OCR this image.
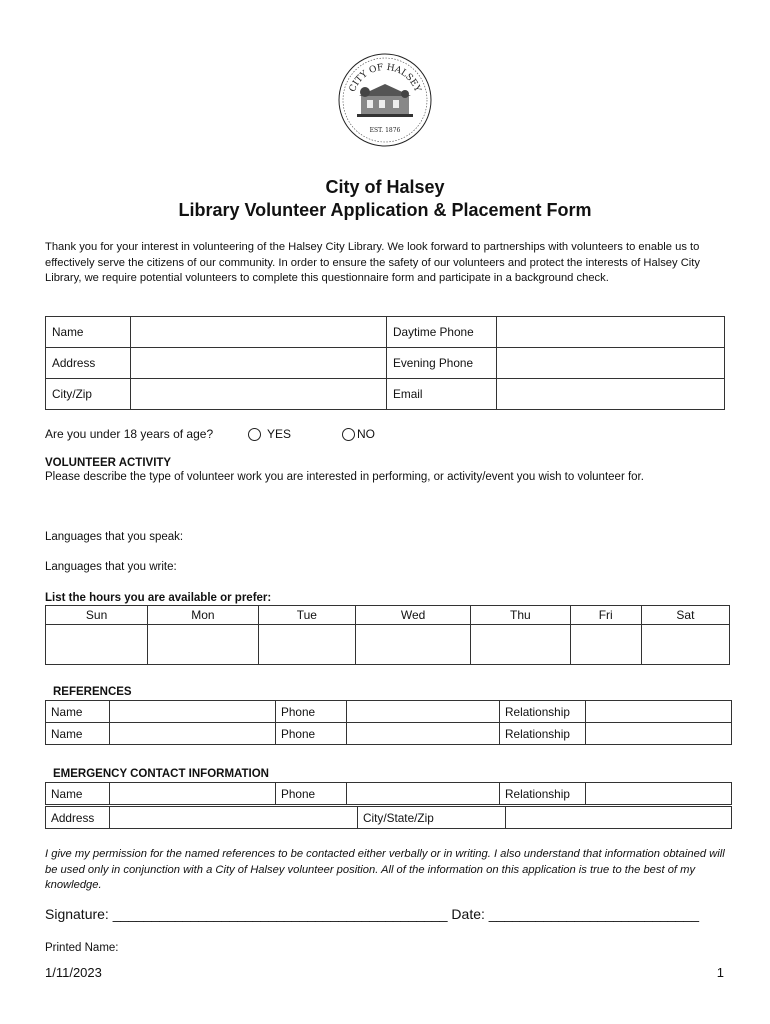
CITY OF HALSEY
EST. 1876
City of Halsey
Library Volunteer Application & Placement Form
Thank you for your interest in volunteering of the Halsey City Library. We look forward to partnerships with volunteers to enable us to effectively serve the citizens of our community. In order to ensure the safety of our volunteers and protect the interests of Halsey City Library, we require potential volunteers to complete this questionnaire form and participate in a background check.
Name		Daytime Phone	
Address		Evening Phone	
City/Zip		Email	
Are you under 18 years of age?	YES	NO
VOLUNTEER ACTIVITY
Please describe the type of volunteer work you are interested in performing, or activity/event you wish to volunteer for.
Languages that you speak:
Languages that you write:
List the hours you are available or prefer:
Sun	Mon	Tue	Wed	Thu	Fri	Sat

REFERENCES
Name		Phone		Relationship	
Name		Phone		Relationship	
EMERGENCY CONTACT INFORMATION
Name		Phone		Relationship	
Address		City/State/Zip	
I give my permission for the named references to be contacted either verbally or in writing. I also understand that information obtained will be used only in conjunction with a City of Halsey volunteer position. All of the information on this application is true to the best of my knowledge.
Signature: ___________________________________________ Date: ___________________________
Printed Name:
1/11/2023	1
